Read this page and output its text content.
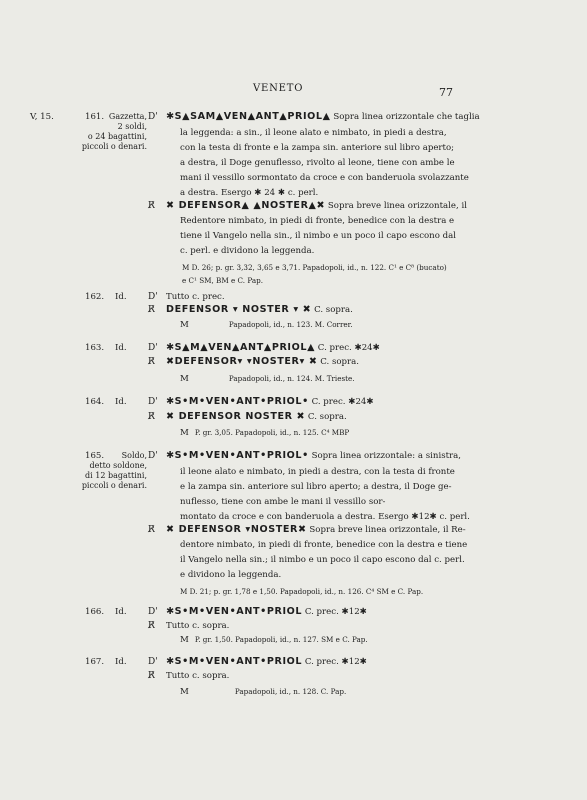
VENETO	77
V, 15.	161. Gazzetta,
2 soldi,
o 24 bagattini,
piccoli o denari.
D' ✱S▲SAM▲VEN▲ANT▲PRIOL▲ Sopra linea orizzontale che taglia
la leggenda: a sin., il leone alato e nimbato, in piedi a destra,
con la testa di fronte e la zampa sin. anteriore sul libro aperto;
a destra, il Doge genuflesso, rivolto al leone, tiene con ambe le
mani il vessillo sormontato da croce e con banderuola svolazzante
a destra. Esergo ✱ 24 ✱ c. perl.
R̸ ✖ DEFENSOR▲ ▲NOSTER▲✖ Sopra breve linea orizzontale, il
Redentore nimbato, in piedi di fronte, benedice con la destra e
tiene il Vangelo nella sin., il nimbo e un poco il capo escono dal
c. perl. e dividono la leggenda.
M D. 26; p. gr. 3,32, 3,65 e 3,71. Papadopoli, id., n. 122. C¹ e C⁸ (bucato)
e C¹ SM, BM e C. Pap.
162. Id. D' Tutto c. prec.
R̸ DEFENSOR ▾ NOSTER ▾ ✖ C. sopra.
M	Papadopoli, id., n. 123. M. Correr.
163. Id. D' ✱S▲M▲VEN▲ANT▲PRIOL▲ C. prec. ✱24✱
R̸ ✖DEFENSOR▾ ▾NOSTER▾ ✖ C. sopra.
M	Papadopoli, id., n. 124. M. Trieste.
164. Id. D' ✱S•M•VEN•ANT•PRIOL• C. prec. ✱24✱
R̸ ✖ DEFENSOR NOSTER ✖ C. sopra.
M P. gr. 3,05. Papadopoli, id., n. 125. C⁴ MBP
165.	Soldo,
detto soldone,
di 12 bagattini,
piccoli o denari.
D' ✱S•M•VEN•ANT•PRIOL• Sopra linea orizzontale: a sinistra,
il leone alato e nimbato, in piedi a destra, con la testa di fronte
e la zampa sin. anteriore sul libro aperto; a destra, il Doge ge-
nuflesso, tiene con ambe le mani il vessillo sor-
montato da croce e con banderuola a destra. Esergo ✱12✱ c. perl.
R̸ ✖ DEFENSOR ▾NOSTER✖ Sopra breve linea orizzontale, il Re-
dentore nimbato, in piedi di fronte, benedice con la destra e tiene
il Vangelo nella sin.; il nimbo e un poco il capo escono dal c. perl.
e dividono la leggenda.
M D. 21; p. gr. 1,78 e 1,50. Papadopoli, id., n. 126. C⁴ SM e C. Pap.
166. Id. D' ✱S•M•VEN•ANT•PRIOL C. prec. ✱12✱
R̸ Tutto c. sopra.
M P. gr. 1,50. Papadopoli, id., n. 127. SM e C. Pap.
167. Id. D' ✱S•M•VEN•ANT•PRIOL C. prec. ✱12✱
R̸ Tutto c. sopra.
M	Papadopoli, id., n. 128. C. Pap.
